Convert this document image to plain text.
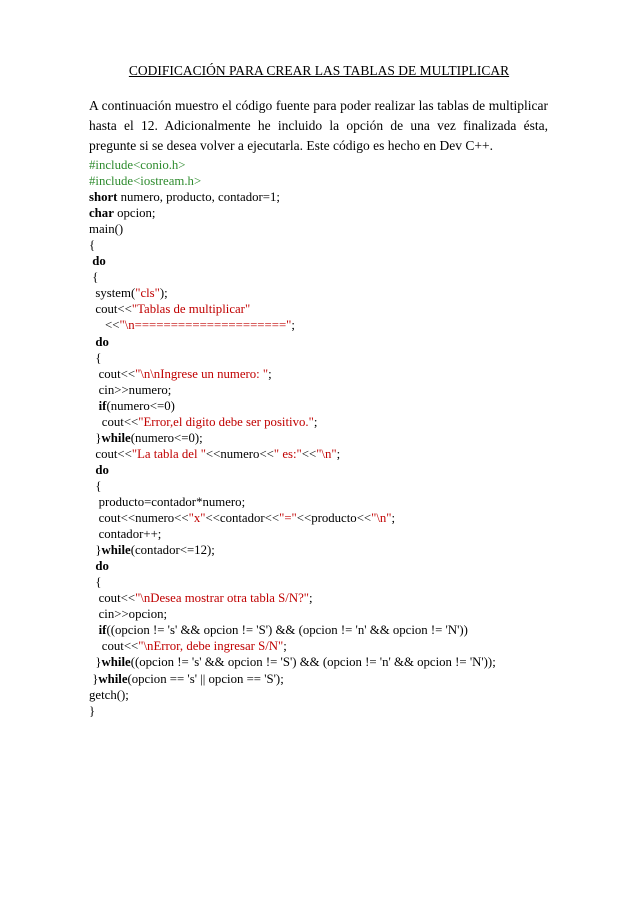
CODIFICACIÓN PARA CREAR LAS TABLAS DE MULTIPLICAR

A continuación muestro el código fuente para poder realizar las tablas de multiplicar hasta el 12. Adicionalmente he incluido la opción de una vez finalizada ésta, pregunte si se desea volver a ejecutarla. Este código es hecho en Dev C++.

#include<conio.h>
#include<iostream.h>
short numero, producto, contador=1;
char opcion;
main()
{
do
{
system("cls");
cout<<"Tablas de multiplicar"
<<"\n=====================";
do
{
cout<<"\n\nIngrese un numero: ";
cin>>numero;
if(numero<=0)
cout<<"Error,el digito debe ser positivo.";
}while(numero<=0);
cout<<"La tabla del "<<numero<<" es:"<<"\n";
do
{
producto=contador*numero;
cout<<numero<<"x"<<contador<<"="<<producto<<"\n";
contador++;
}while(contador<=12);
do
{
cout<<"\nDesea mostrar otra tabla S/N?";
cin>>opcion;
if((opcion != 's' && opcion != 'S') && (opcion != 'n' && opcion != 'N'))
cout<<"\nError, debe ingresar S/N";
}while((opcion != 's' && opcion != 'S') && (opcion != 'n' && opcion != 'N'));
}while(opcion == 's' || opcion == 'S');
getch();
}
